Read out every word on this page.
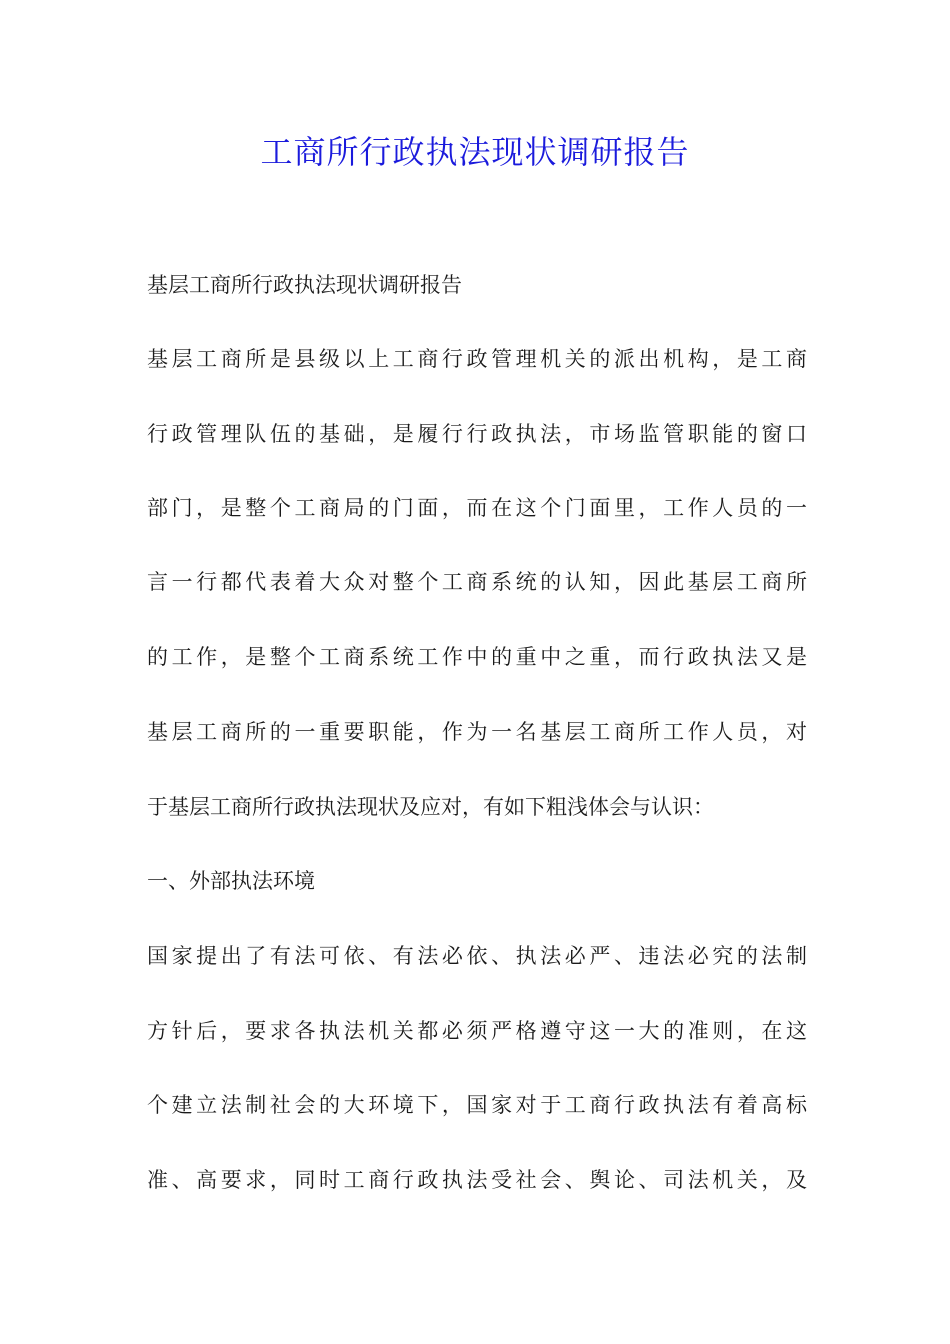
工商所行政执法现状调研报告

基层工商所行政执法现状调研报告

基层工商所是县级以上工商行政管理机关的派出机构，是工商

行政管理队伍的基础，是履行行政执法，市场监管职能的窗口

部门，是整个工商局的门面，而在这个门面里，工作人员的一

言一行都代表着大众对整个工商系统的认知，因此基层工商所

的工作，是整个工商系统工作中的重中之重，而行政执法又是

基层工商所的一重要职能，作为一名基层工商所工作人员，对

于基层工商所行政执法现状及应对，有如下粗浅体会与认识：

一、外部执法环境

国家提出了有法可依、有法必依、执法必严、违法必究的法制

方针后，要求各执法机关都必须严格遵守这一大的准则，在这

个建立法制社会的大环境下，国家对于工商行政执法有着高标

准、高要求，同时工商行政执法受社会、舆论、司法机关，及
